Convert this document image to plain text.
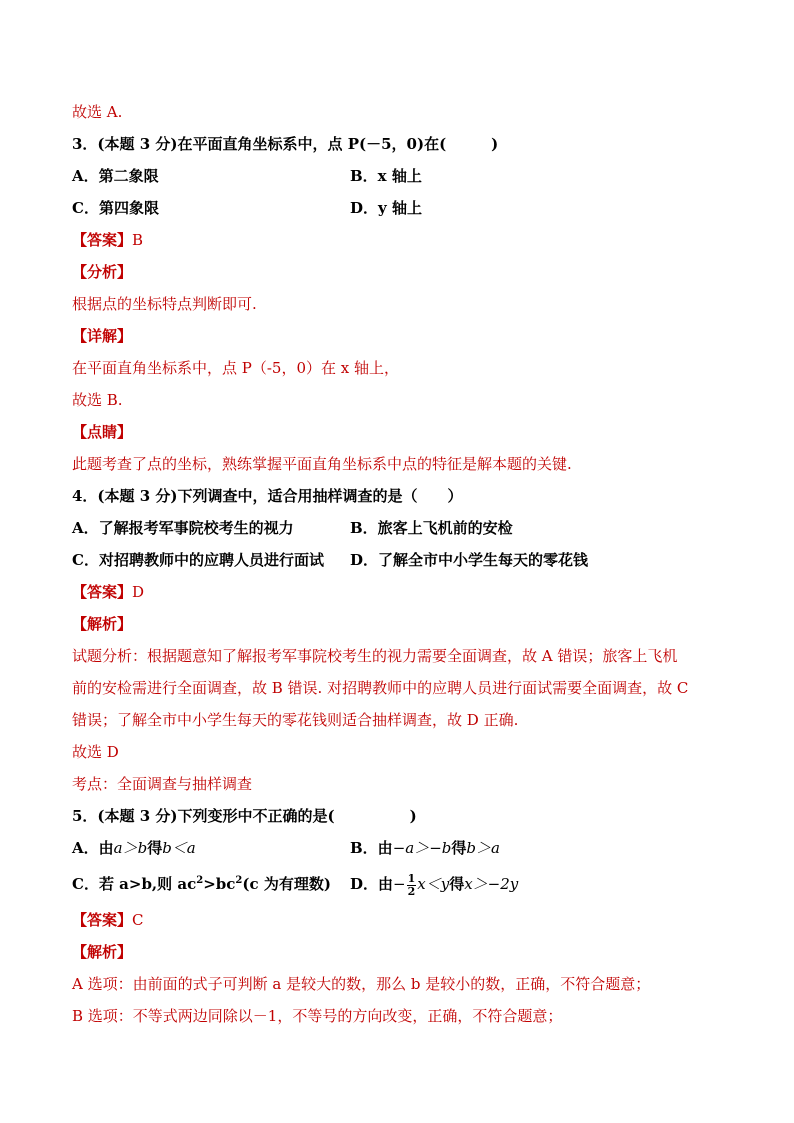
故选 A.
3．(本题 3 分)在平面直角坐标系中，点 P(－5，0)在(　　　)
A．第二象限	B．x 轴上
C．第四象限	D．y 轴上
【答案】B
【分析】
根据点的坐标特点判断即可.
【详解】
在平面直角坐标系中，点 P（-5，0）在 x 轴上，
故选 B.
【点睛】
此题考查了点的坐标，熟练掌握平面直角坐标系中点的特征是解本题的关键.
4．(本题 3 分)下列调查中，适合用抽样调查的是（　　）
A．了解报考军事院校考生的视力	B．旅客上飞机前的安检
C．对招聘教师中的应聘人员进行面试	D．了解全市中小学生每天的零花钱
【答案】D
【解析】
试题分析：根据题意知了解报考军事院校考生的视力需要全面调查，故 A 错误；旅客上飞机
前的安检需进行全面调查，故 B 错误. 对招聘教师中的应聘人员进行面试需要全面调查，故 C
错误；了解全市中小学生每天的零花钱则适合抽样调查，故 D 正确.
故选 D
考点：全面调查与抽样调查
5．(本题 3 分)下列变形中不正确的是(　　　　　)
A．由a＞b得b＜a	B．由−a＞−b得b＞a
C．若 a>b,则 $ac^2>bc^2(c$ 为有理数)	D．由− $\frac{1}{2} x<y$得x＞−2y
【答案】C
【解析】
A 选项：由前面的式子可判断 a 是较大的数，那么 b 是较小的数，正确，不符合题意；
B 选项：不等式两边同除以－1，不等号的方向改变，正确，不符合题意；
